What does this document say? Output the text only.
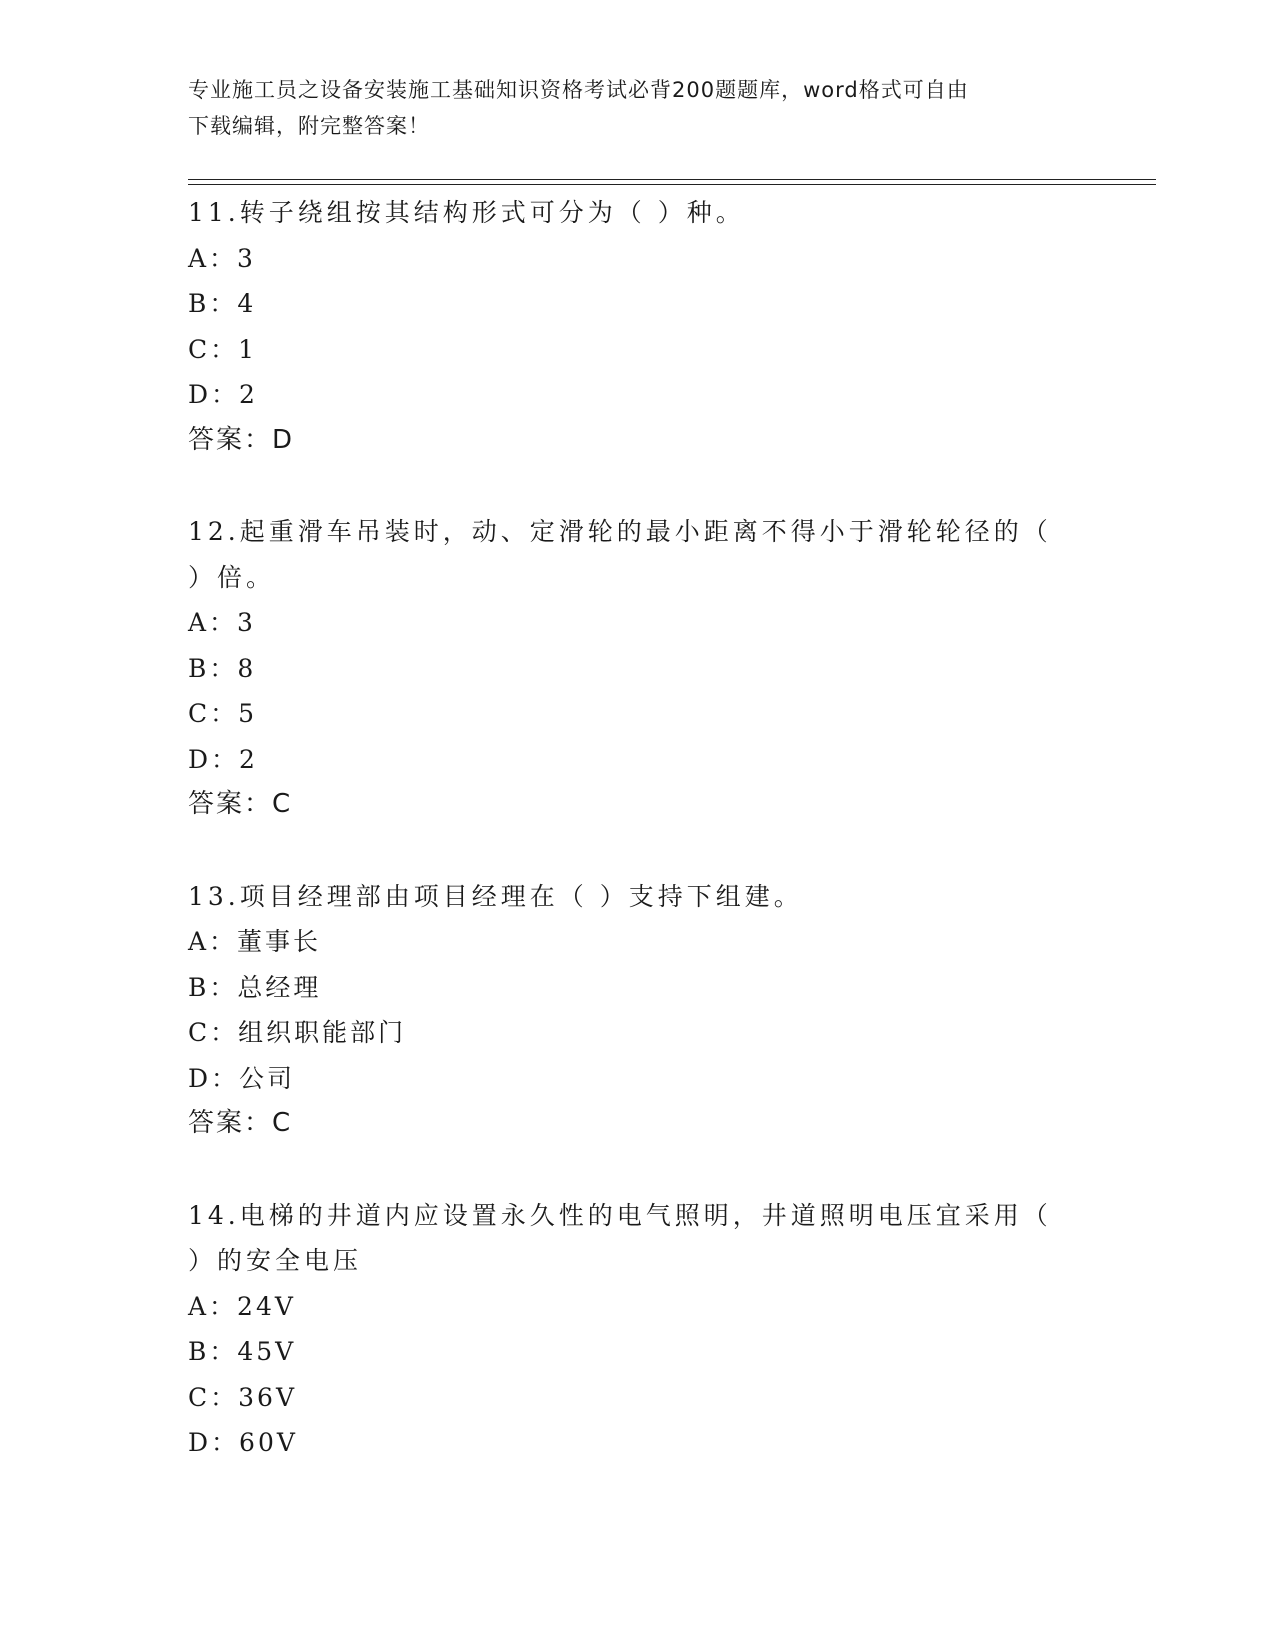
专业施工员之设备安装施工基础知识资格考试必背200题题库，word格式可自由
下载编辑，附完整答案！
11.转子绕组按其结构形式可分为（ ）种。
A：3
B：4
C：1
D：2
答案：D
12.起重滑车吊装时，动、定滑轮的最小距离不得小于滑轮轮径的（
）倍。
A：3
B：8
C：5
D：2
答案：C
13.项目经理部由项目经理在（ ）支持下组建。
A：董事长
B：总经理
C：组织职能部门
D：公司
答案：C
14.电梯的井道内应设置永久性的电气照明，井道照明电压宜采用（
）的安全电压
A：24V
B：45V
C：36V
D：60V
